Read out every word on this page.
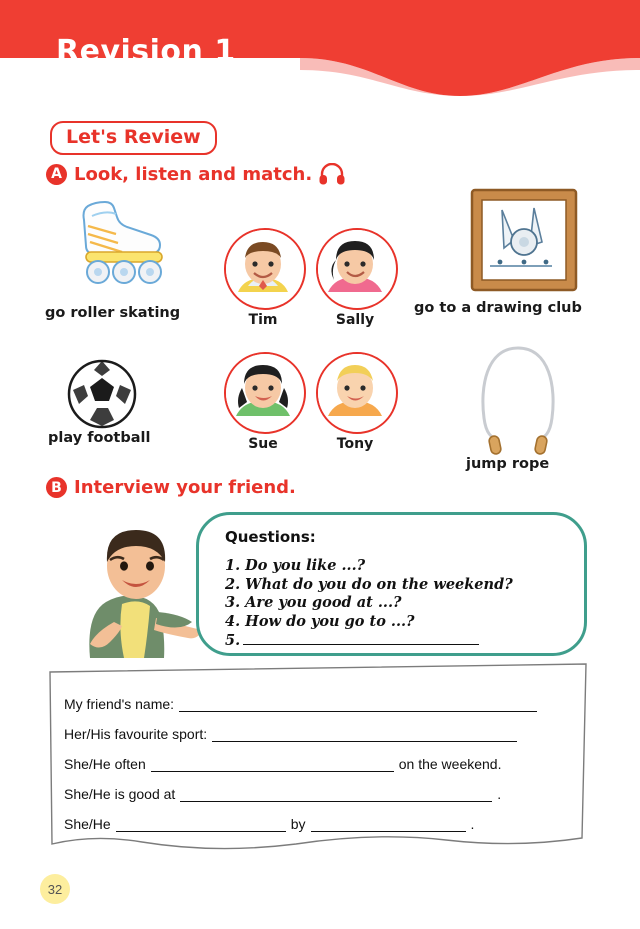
Revision 1
Let's Review
A Look, listen and match.
go roller skating
play football
go to a drawing club
jump rope
Tim	Sally
Sue	Tony
B Interview your friend.
Questions:
1. Do you like ...?
2. What do you do on the weekend?
3. Are you good at ...?
4. How do you go to ...?
5.
My friend's name:
Her/His favourite sport:
She/He often	on the weekend.
She/He is good at	.
She/He	by	.
32
